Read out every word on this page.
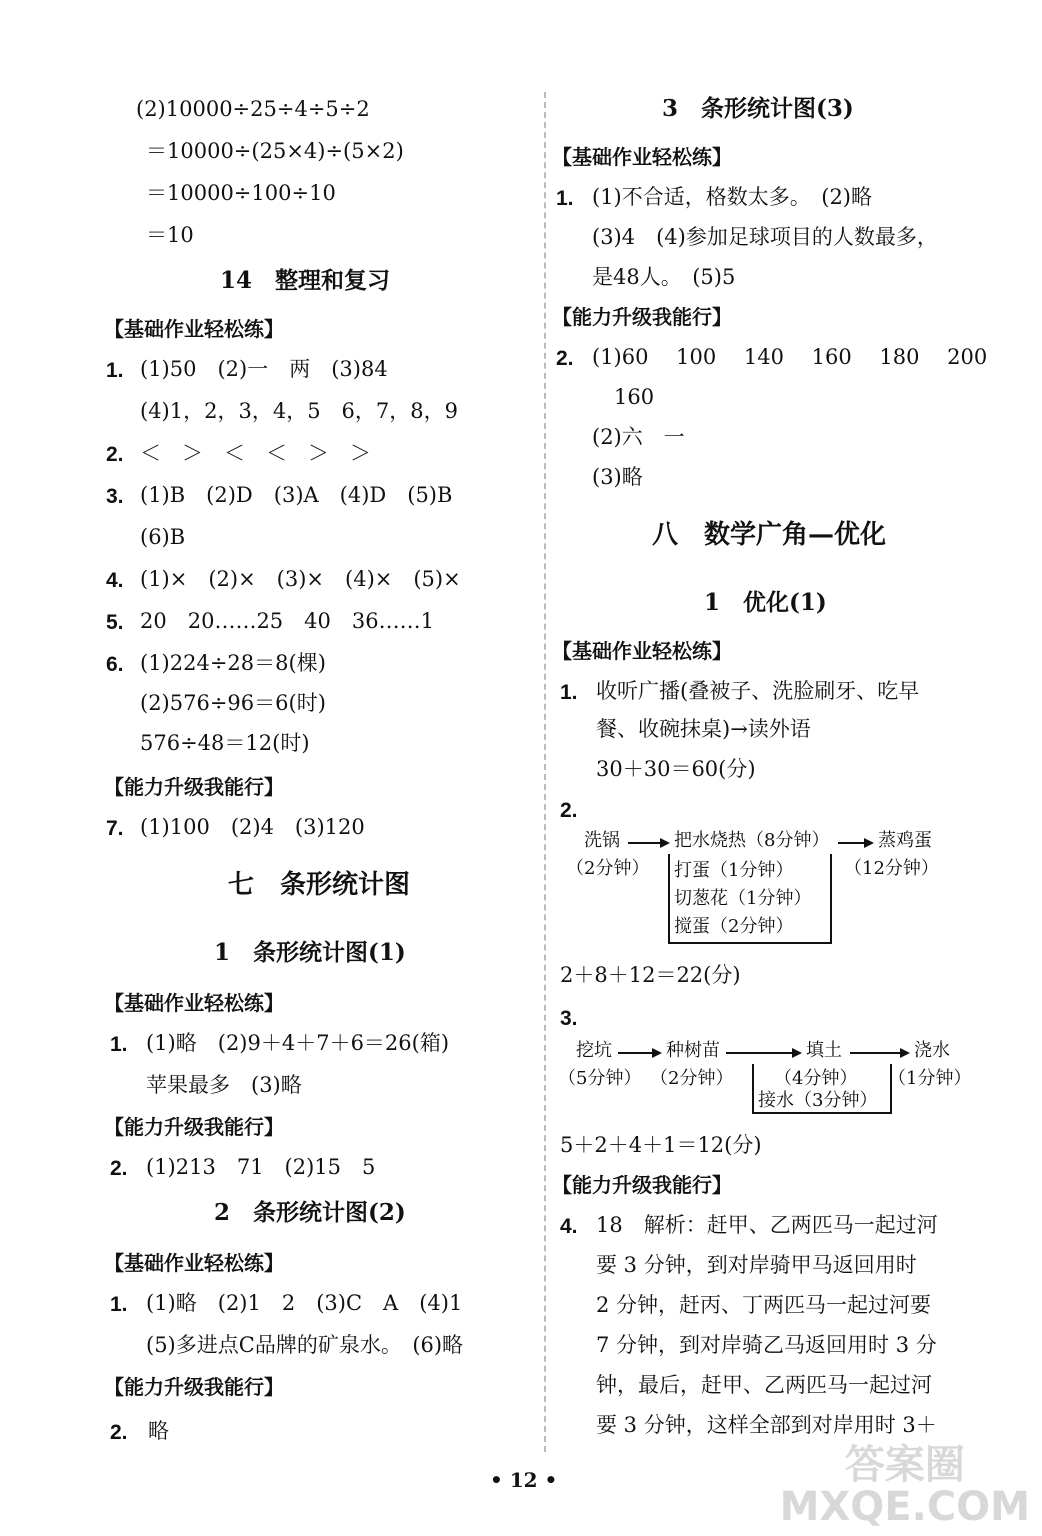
(2)10000÷25÷4÷5÷2
＝10000÷(25×4)÷(5×2)
＝10000÷100÷10
＝10
14　整理和复习
【基础作业轻松练】
1. (1)50　(2)一　两　(3)84
(4)1，2，3，4，5　6，7，8，9
2. ＜　＞　＜　＜　＞　＞
3. (1)B　(2)D　(3)A　(4)D　(5)B
(6)B
4. (1)×　(2)×　(3)×　(4)×　(5)×
5. 20　20……25　40　36……1
6. (1)224÷28＝8(棵)
(2)576÷96＝6(时)
576÷48＝12(时)
【能力升级我能行】
7. (1)100　(2)4　(3)120
七　条形统计图
1　条形统计图(1)
【基础作业轻松练】
1. (1)略　(2)9＋4＋7＋6＝26(箱)
苹果最多　(3)略
【能力升级我能行】
2. (1)213　71　(2)15　5
2　条形统计图(2)
【基础作业轻松练】
1. (1)略　(2)1　2　(3)C　A　(4)1
(5)多进点C品牌的矿泉水。　(6)略
【能力升级我能行】
2. 略
3　条形统计图(3)
【基础作业轻松练】
1. (1)不合适，格数太多。　(2)略
(3)4　(4)参加足球项目的人数最多，
是48人。　(5)5
【能力升级我能行】
2. (1)60　 100　 140　 160　 180　 200
160
(2)六　一
(3)略
八　数学广角—优化
1　优化(1)
【基础作业轻松练】
1. 收听广播(叠被子、洗脸刷牙、吃早
餐、收碗抹桌)→读外语
30＋30＝60(分)
2.
洗锅
（2分钟）
把水烧热（8分钟）	蒸鸡蛋
（12分钟）
打蛋（1分钟）
切葱花（1分钟）
搅蛋（2分钟）
2＋8＋12＝22(分)
3.
挖坑
（5分钟）
种树苗
（2分钟）
填土
（4分钟）
浇水
（1分钟）
接水（3分钟）
5＋2＋4＋1＝12(分)
【能力升级我能行】
4. 18　解析：赶甲、乙两匹马一起过河
要 3 分钟，到对岸骑甲马返回用时
2 分钟，赶丙、丁两匹马一起过河要
7 分钟，到对岸骑乙马返回用时 3 分
钟，最后，赶甲、乙两匹马一起过河
要 3 分钟，这样全部到对岸用时 3＋
• 12 •	答案圈
MXQE.COM
